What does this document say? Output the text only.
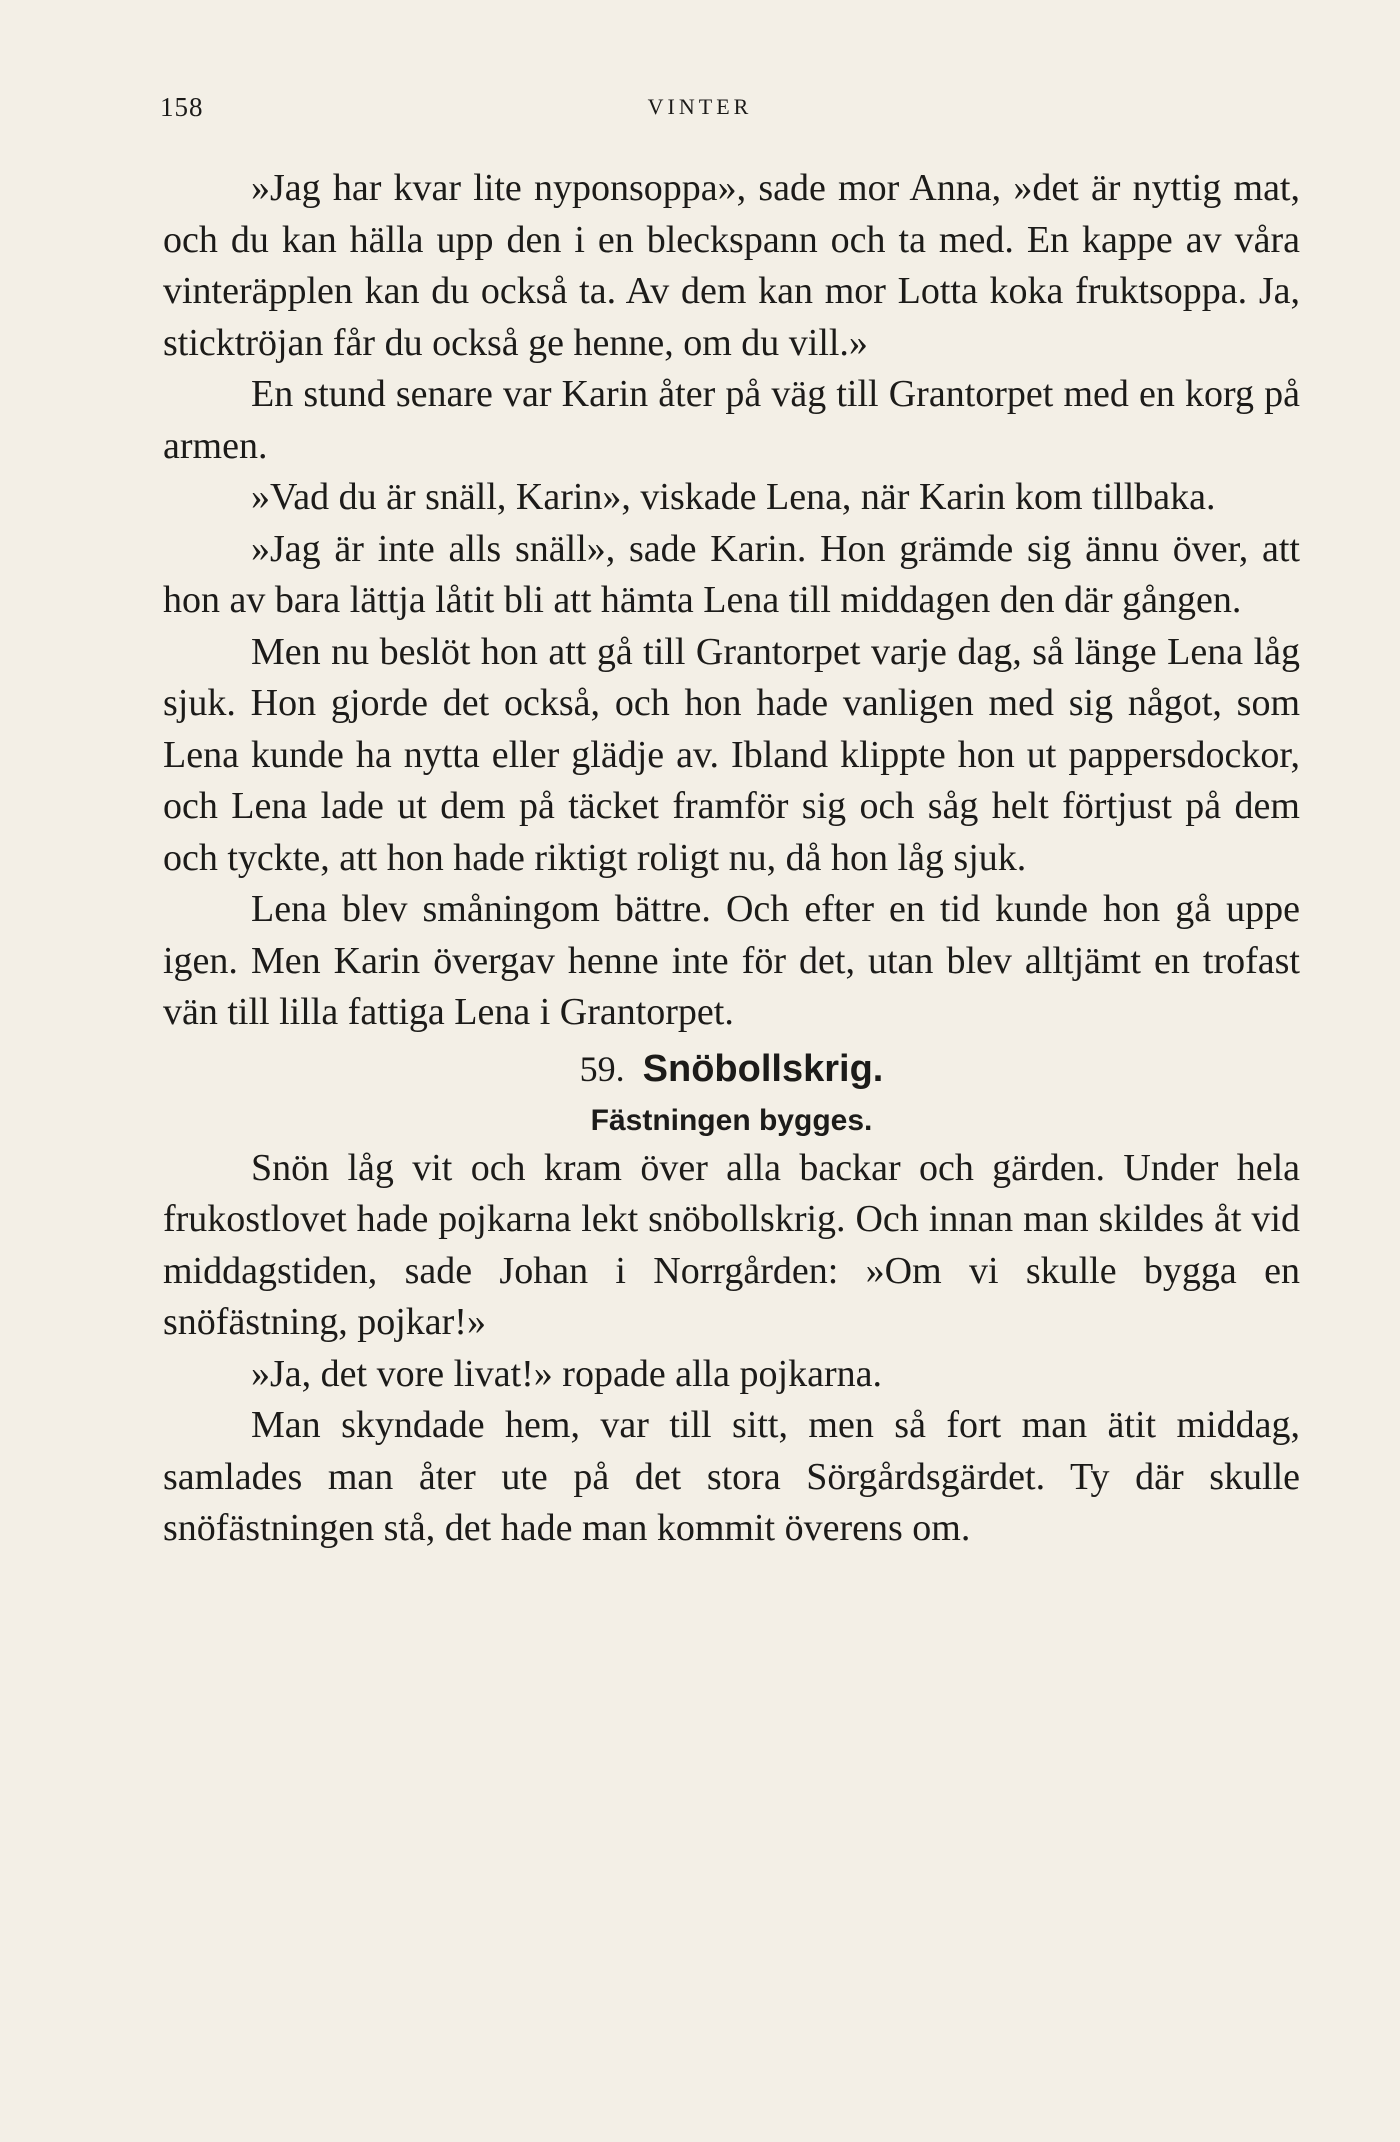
158	VINTER

»Jag har kvar lite nyponsoppa», sade mor Anna, »det är nyttig mat, och du kan hälla upp den i en bleckspann och ta med. En kappe av våra vinteräpplen kan du också ta. Av dem kan mor Lotta koka fruktsoppa. Ja, sticktröjan får du också ge henne, om du vill.»

En stund senare var Karin åter på väg till Grantorpet med en korg på armen.

»Vad du är snäll, Karin», viskade Lena, när Karin kom tillbaka.

»Jag är inte alls snäll», sade Karin. Hon grämde sig ännu över, att hon av bara lättja låtit bli att hämta Lena till middagen den där gången.

Men nu beslöt hon att gå till Grantorpet varje dag, så länge Lena låg sjuk. Hon gjorde det också, och hon hade vanligen med sig något, som Lena kunde ha nytta eller glädje av. Ibland klippte hon ut pappersdockor, och Lena lade ut dem på täcket framför sig och såg helt förtjust på dem och tyckte, att hon hade riktigt roligt nu, då hon låg sjuk.

Lena blev småningom bättre. Och efter en tid kunde hon gå uppe igen. Men Karin övergav henne inte för det, utan blev alltjämt en trofast vän till lilla fattiga Lena i Grantorpet.

59. Snöbollskrig.

Fästningen bygges.

Snön låg vit och kram över alla backar och gärden. Under hela frukostlovet hade pojkarna lekt snöbollskrig. Och innan man skildes åt vid middagstiden, sade Johan i Norrgården: »Om vi skulle bygga en snöfästning, pojkar!»

»Ja, det vore livat!» ropade alla pojkarna.

Man skyndade hem, var till sitt, men så fort man ätit middag, samlades man åter ute på det stora Sörgårdsgärdet. Ty där skulle snöfästningen stå, det hade man kommit överens om.
